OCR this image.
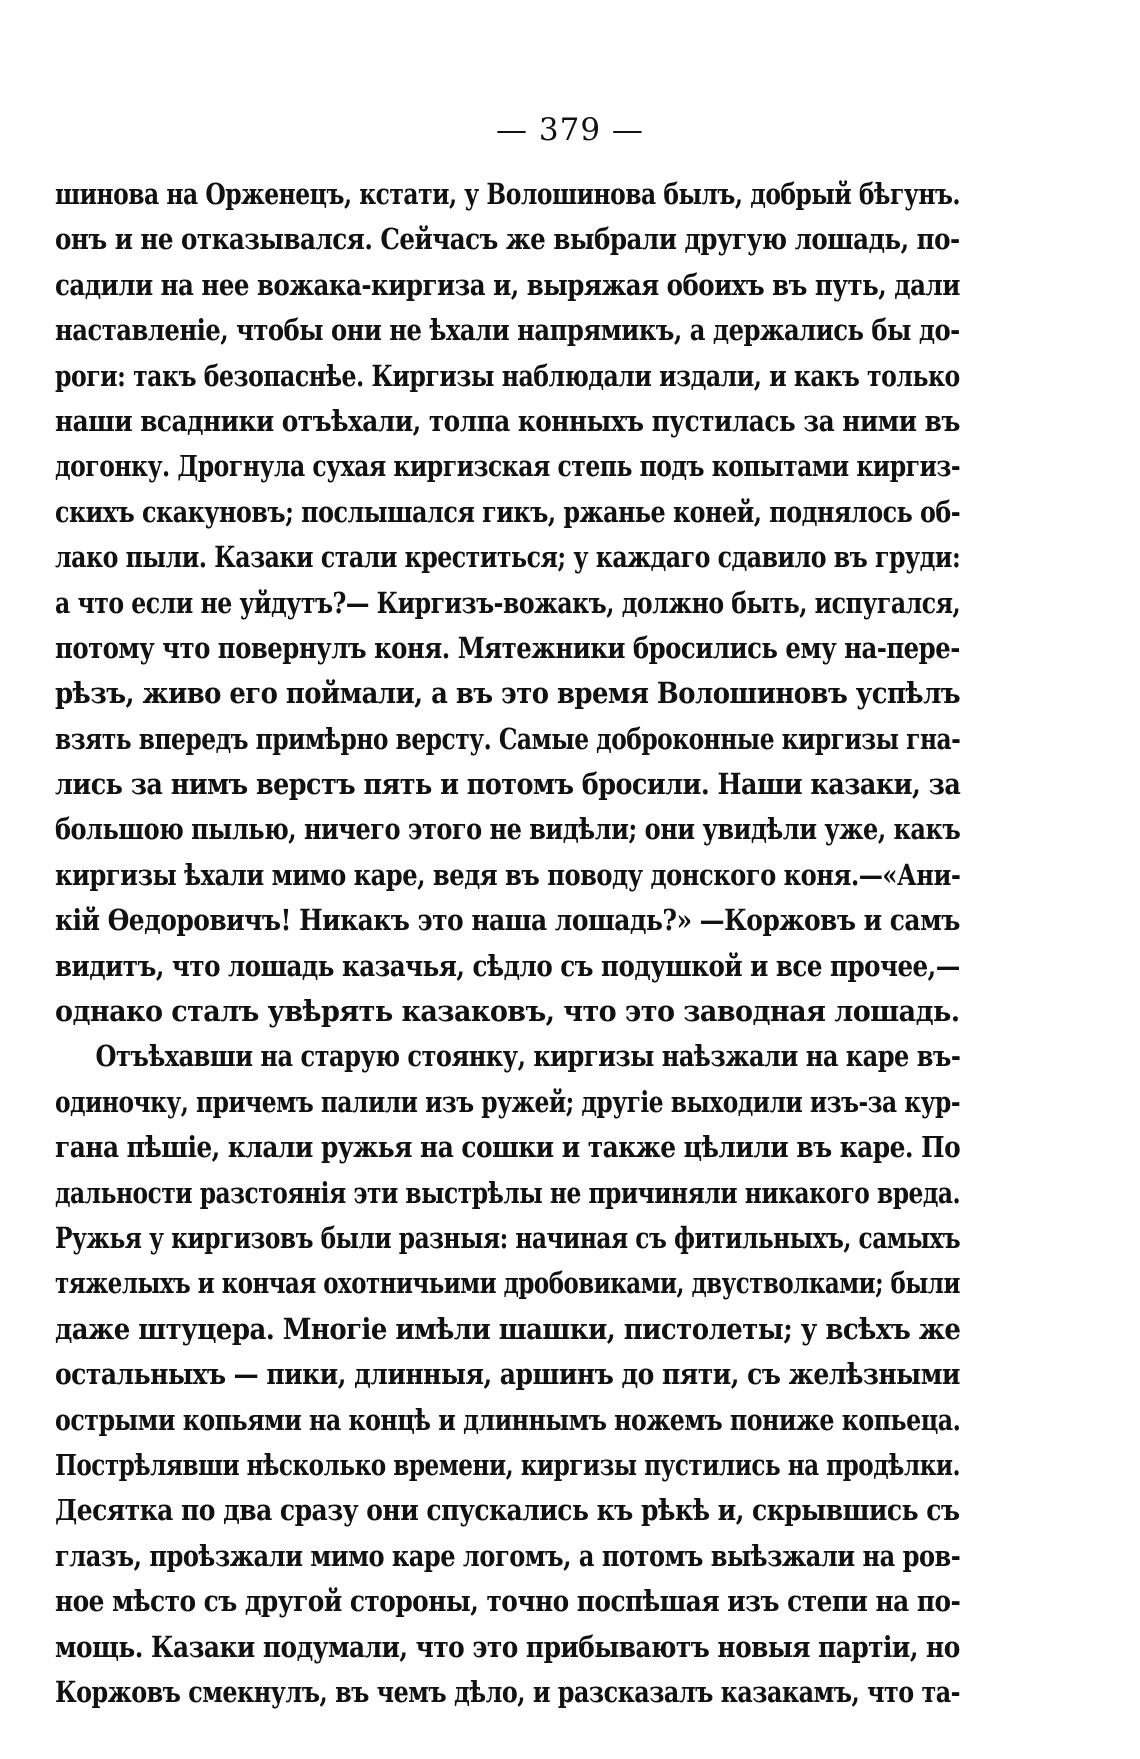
— 379 —
шинова на Орженецъ, кстати, у Волошинова былъ, добрый бѣгунъ.
онъ и не отказывался. Сейчасъ же выбрали другую лошадь, по-
садили на нее вожака-киргиза и, выряжая обоихъ въ путь, дали
наставленіе, чтобы они не ѣхали напрямикъ, а держались бы до-
роги: такъ безопаснѣе. Киргизы наблюдали издали, и какъ только
наши всадники отъѣхали, толпа конныхъ пустилась за ними въ
догонку. Дрогнула сухая киргизская степь подъ копытами киргиз-
скихъ скакуновъ; послышался гикъ, ржанье коней, поднялось об-
лако пыли. Казаки стали креститься; у каждаго сдавило въ груди:
а что если не уйдутъ?— Киргизъ-вожакъ, должно быть, испугался,
потому что повернулъ коня. Мятежники бросились ему на-пере-
рѣзъ, живо его поймали, а въ это время Волошиновъ успѣлъ
взять впередъ примѣрно версту. Самые доброконные киргизы гна-
лись за нимъ верстъ пять и потомъ бросили. Наши казаки, за
большою пылью, ничего этого не видѣли; они увидѣли уже, какъ
киргизы ѣхали мимо каре, ведя въ поводу донского коня.—«Ани-
кій Ѳедоровичъ! Никакъ это наша лошадь?» —Коржовъ и самъ
видитъ, что лошадь казачья, сѣдло съ подушкой и все прочее,—
однако сталъ увѣрять казаковъ, что это заводная лошадь.
Отъѣхавши на старую стоянку, киргизы наѣзжали на каре въ-
одиночку, причемъ палили изъ ружей; другіе выходили изъ-за кур-
гана пѣшіе, клали ружья на сошки и также цѣлили въ каре. По
дальности разстоянія эти выстрѣлы не причиняли никакого вреда.
Ружья у киргизовъ были разныя: начиная съ фитильныхъ, самыхъ
тяжелыхъ и кончая охотничьими дробовиками, двустволками; были
даже штуцера. Многіе имѣли шашки, пистолеты; у всѣхъ же
остальныхъ — пики, длинныя, аршинъ до пяти, съ желѣзными
острыми копьями на концѣ и длиннымъ ножемъ пониже копьеца.
Пострѣлявши нѣсколько времени, киргизы пустились на продѣлки.
Десятка по два сразу они спускались къ рѣкѣ и, скрывшись съ
глазъ, проѣзжали мимо каре логомъ, а потомъ выѣзжали на ров-
ное мѣсто съ другой стороны, точно поспѣшая изъ степи на по-
мощь. Казаки подумали, что это прибываютъ новыя партіи, но
Коржовъ смекнулъ, въ чемъ дѣло, и разсказалъ казакамъ, что та-
